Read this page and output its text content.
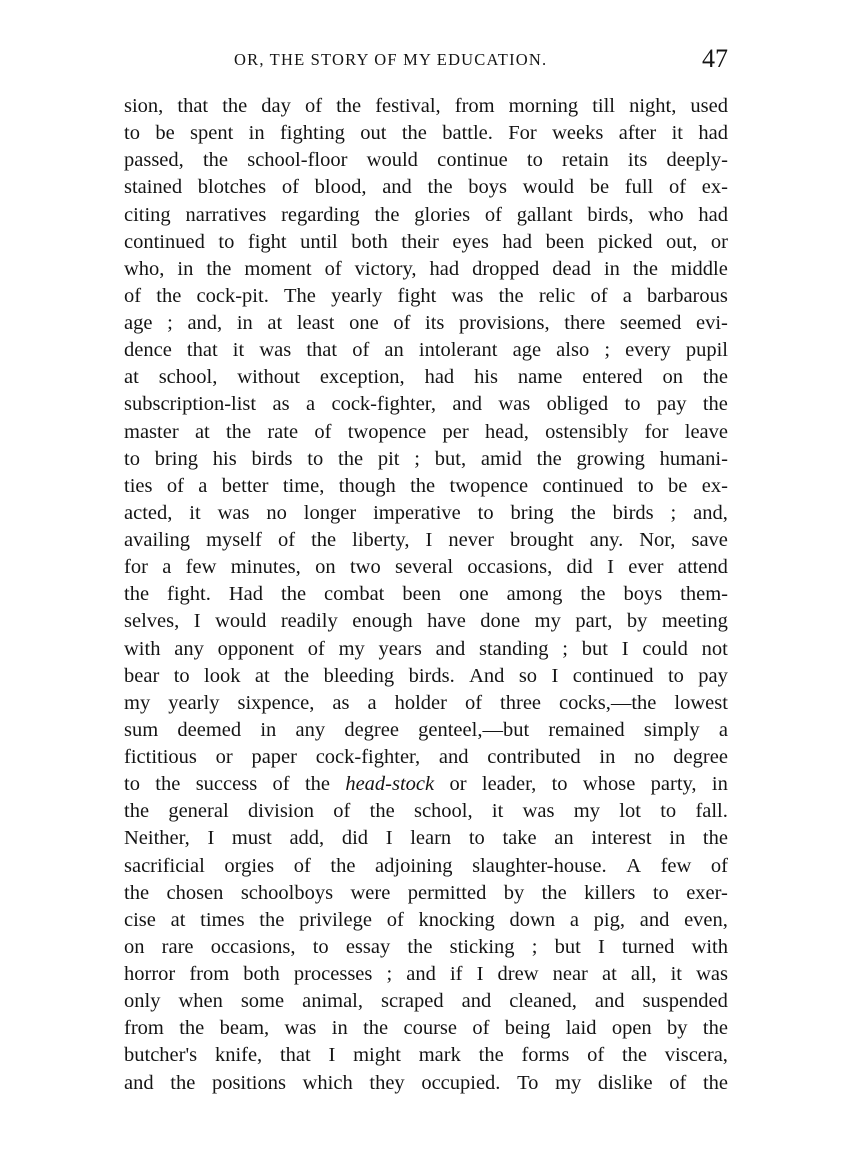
OR, THE STORY OF MY EDUCATION.	47
sion, that the day of the festival, from morning till night, used
to be spent in fighting out the battle. For weeks after it had
passed, the school-floor would continue to retain its deeply-
stained blotches of blood, and the boys would be full of ex-
citing narratives regarding the glories of gallant birds, who had
continued to fight until both their eyes had been picked out, or
who, in the moment of victory, had dropped dead in the middle
of the cock-pit. The yearly fight was the relic of a barbarous
age ; and, in at least one of its provisions, there seemed evi-
dence that it was that of an intolerant age also ; every pupil
at school, without exception, had his name entered on the
subscription-list as a cock-fighter, and was obliged to pay the
master at the rate of twopence per head, ostensibly for leave
to bring his birds to the pit ; but, amid the growing humani-
ties of a better time, though the twopence continued to be ex-
acted, it was no longer imperative to bring the birds ; and,
availing myself of the liberty, I never brought any. Nor, save
for a few minutes, on two several occasions, did I ever attend
the fight. Had the combat been one among the boys them-
selves, I would readily enough have done my part, by meeting
with any opponent of my years and standing ; but I could not
bear to look at the bleeding birds. And so I continued to pay
my yearly sixpence, as a holder of three cocks,—the lowest
sum deemed in any degree genteel,—but remained simply a
fictitious or paper cock-fighter, and contributed in no degree
to the success of the head-stock or leader, to whose party, in
the general division of the school, it was my lot to fall.
Neither, I must add, did I learn to take an interest in the
sacrificial orgies of the adjoining slaughter-house. A few of
the chosen schoolboys were permitted by the killers to exer-
cise at times the privilege of knocking down a pig, and even,
on rare occasions, to essay the sticking ; but I turned with
horror from both processes ; and if I drew near at all, it was
only when some animal, scraped and cleaned, and suspended
from the beam, was in the course of being laid open by the
butcher's knife, that I might mark the forms of the viscera,
and the positions which they occupied. To my dislike of the
